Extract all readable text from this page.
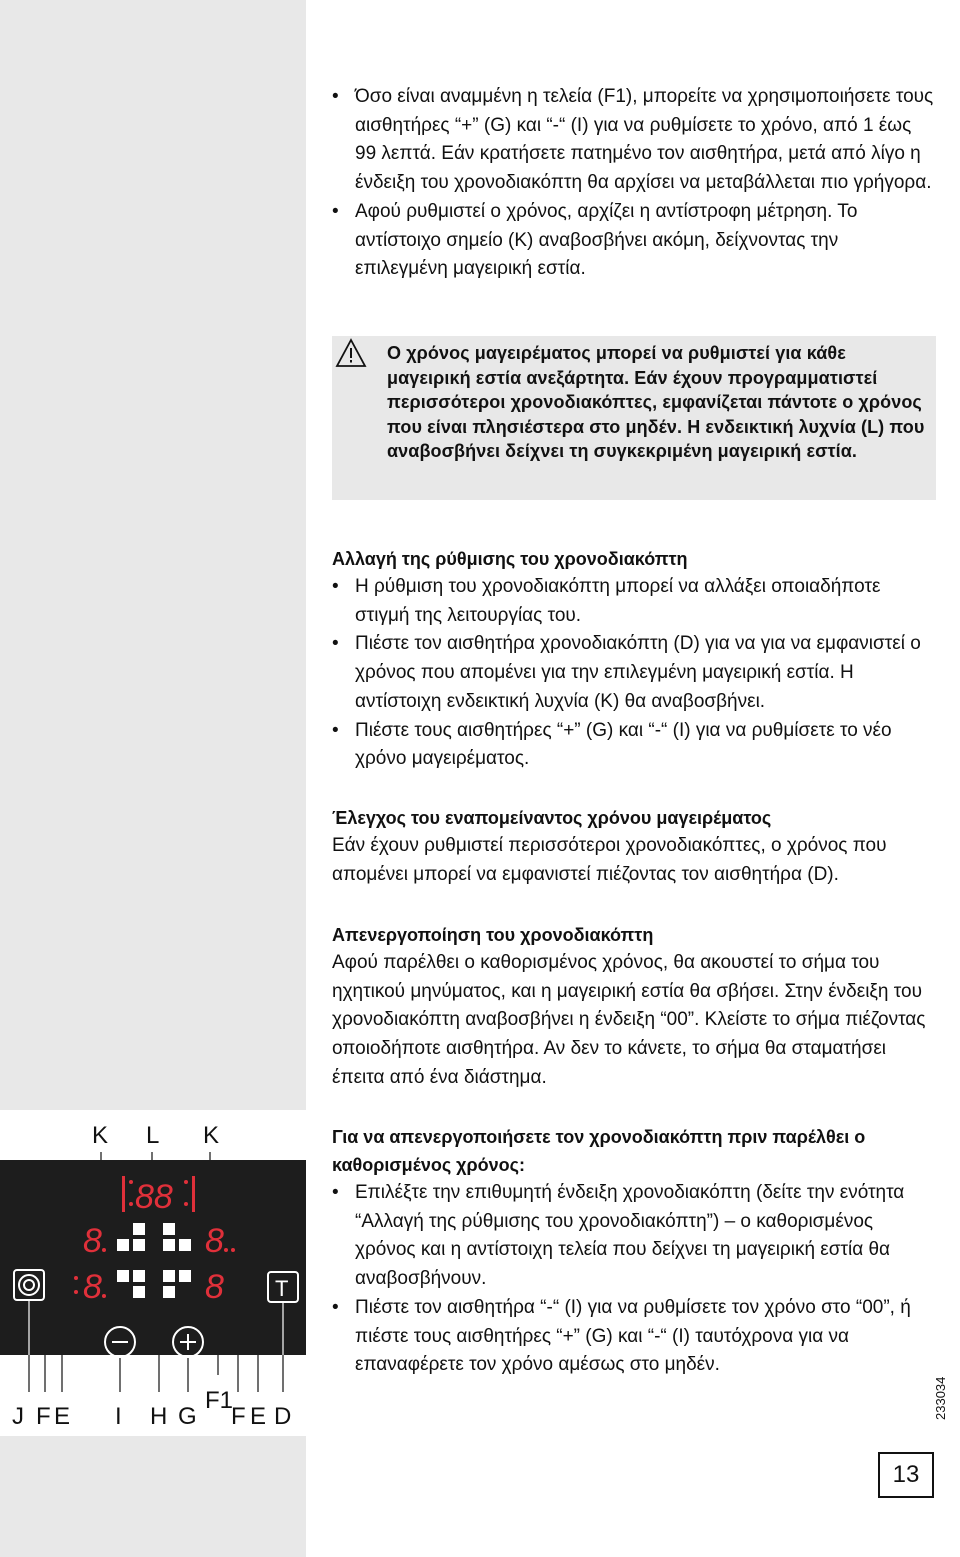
• Όσο είναι αναμμένη η τελεία (F1), μπορείτε να χρησιμοποιήσετε τους αισθητήρες “+” (G) και “-“ (I) για να ρυθμίσετε το χρόνο, από 1 έως 99 λεπτά. Εάν κρατήσετε πατημένο τον αισθητήρα, μετά από λίγο η ένδειξη του χρονοδιακόπτη θα αρχίσει να μεταβάλλεται πιο γρήγορα.
• Αφού ρυθμιστεί ο χρόνος, αρχίζει η αντίστροφη μέτρηση. Το αντίστοιχο σημείο (K) αναβοσβήνει ακόμη, δείχνοντας την επιλεγμένη μαγειρική εστία.
Ο χρόνος μαγειρέματος μπορεί να ρυθμιστεί για κάθε μαγειρική εστία ανεξάρτητα. Εάν έχουν προγραμματιστεί περισσότεροι χρονοδιακόπτες, εμφανίζεται πάντοτε ο χρόνος που είναι πλησιέστερα στο μηδέν. Η ενδεικτική λυχνία (L) που αναβοσβήνει δείχνει τη συγκεκριμένη μαγειρική εστία.
Αλλαγή της ρύθμισης του χρονοδιακόπτη
• Η ρύθμιση του χρονοδιακόπτη μπορεί να αλλάξει οποιαδήποτε στιγμή της λειτουργίας του.
• Πιέστε τον αισθητήρα χρονοδιακόπτη (D) για να για να εμφανιστεί ο χρόνος που απομένει για την επιλεγμένη μαγειρική εστία. Η αντίστοιχη ενδεικτική λυχνία (K) θα αναβοσβήνει.
• Πιέστε τους αισθητήρες “+” (G) και “-“ (I) για να ρυθμίσετε το νέο χρόνο μαγειρέματος.
Έλεγχος του εναπομείναντος χρόνου μαγειρέματος

Εάν έχουν ρυθμιστεί περισσότεροι χρονοδιακόπτες, ο χρόνος που απομένει μπορεί να εμφανιστεί πιέζοντας τον αισθητήρα (D).

Απενεργοποίηση του χρονοδιακόπτη

Αφού παρέλθει ο καθορισμένος χρόνος, θα ακουστεί το σήμα του ηχητικού μηνύματος, και η μαγειρική εστία θα σβήσει. Στην ένδειξη του χρονοδιακόπτη αναβοσβήνει η ένδειξη “00”. Κλείστε το σήμα πιέζοντας οποιοδήποτε αισθητήρα. Αν δεν το κάνετε, το σήμα θα σταματήσει έπειτα από ένα διάστημα.

Για να απενεργοποιήσετε τον χρονοδιακόπτη πριν παρέλθει ο καθορισμένος χρόνος:
• Επιλέξτε την επιθυμητή ένδειξη χρονοδιακόπτη (δείτε την ενότητα “Αλλαγή της ρύθμισης του χρονοδιακόπτη”) – ο καθορισμένος χρόνος και η αντίστοιχη τελεία που δείχνει τη μαγειρική εστία θα αναβοσβήνουν.
• Πιέστε τον αισθητήρα “-“ (I) για να ρυθμίσετε τον χρόνο στο “00”, ή πιέστε τους αισθητήρες “+” (G) και “-“ (I) ταυτόχρονα για να επαναφέρετε τον χρόνο αμέσως στο μηδέν.
K L K
88
8
8
8
8 T
J F E I H G
F1
F E D	233034
13
